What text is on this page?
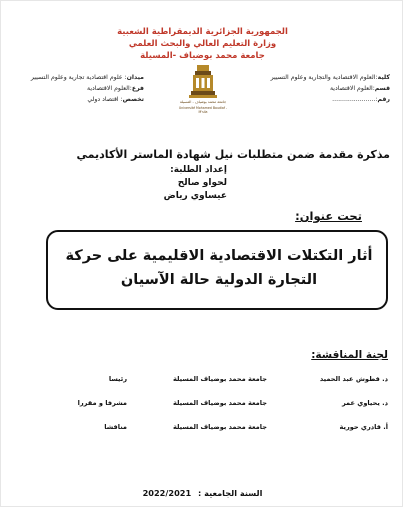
الجمهورية الجزائرية الديمقراطية الشعبية
وزارة التعليم العالي والبحث العلمي
جامعة محمد بوضياف -المسيلة
كلية:العلوم الاقتصادية والتجارية وعلوم التسيير
قسم:العلوم الاقتصادية
رقم:......................
جامعة محمد بوضياف - المسيلة
Université Mohamed Boudiaf - M'sila
ميدان: علوم اقتصادية تجارية وعلوم التسيير
فرع:العلوم الاقتصادية
تخصص: اقتصاد دولي
مذكرة مقدمة ضمن متطلبات نيل شهادة الماستر الأكاديمي
إعداد الطلبة:
لحواو صالح
عيساوي رياض
تحت عنوان:
أثار التكتلات الاقتصادية الاقليمية على حركة
التجارة الدولية حالة الآسيان
لجنة المناقشة:
د. قطوش عبد الحميد
جامعة محمد بوضياف المسيلة
رئيسا
د. يحياوي عمر
جامعة محمد بوضياف المسيلة
مشرفا و مقررا
أ. قادري حورية
جامعة محمد بوضياف المسيلة
مناقشا
السنة الجامعية : 2022/2021
